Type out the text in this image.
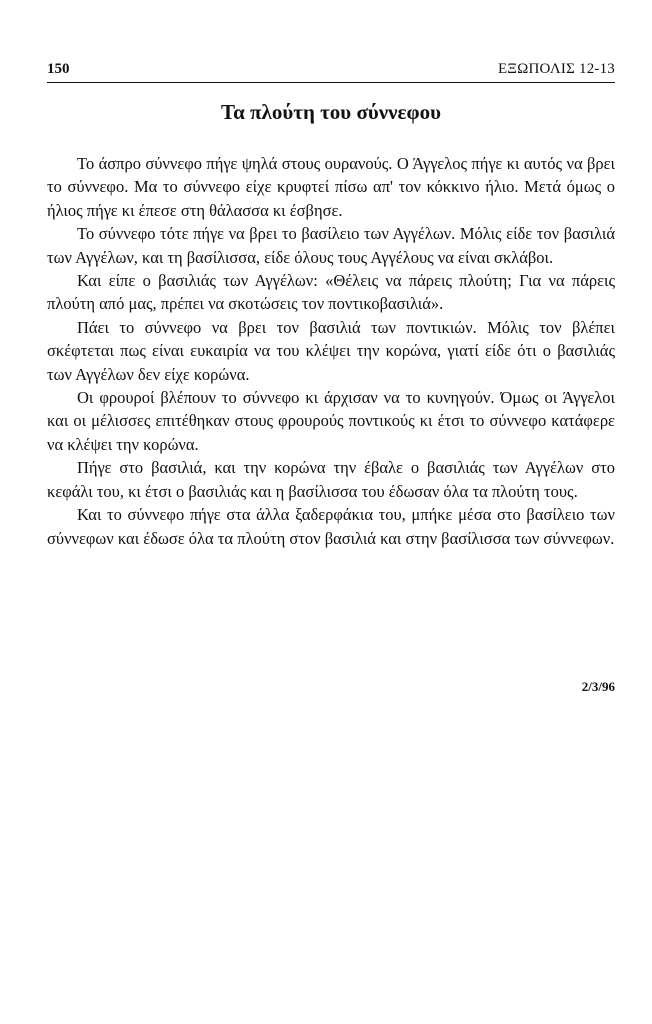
150	ΕΞΩΠΟΛΙΣ 12-13
Τα πλούτη του σύννεφου

Το άσπρο σύννεφο πήγε ψηλά στους ουρανούς. Ο Άγγελος πήγε κι αυτός να βρει το σύννεφο. Μα το σύννεφο είχε κρυφτεί πίσω απ' τον κόκκινο ήλιο. Μετά όμως ο ήλιος πήγε κι έπεσε στη θάλασσα κι έσβησε.

Το σύννεφο τότε πήγε να βρει το βασίλειο των Αγγέλων. Μόλις είδε τον βασιλιά των Αγγέλων, και τη βασίλισσα, είδε όλους τους Αγγέλους να είναι σκλάβοι.

Και είπε ο βασιλιάς των Αγγέλων: «Θέλεις να πάρεις πλούτη; Για να πάρεις πλούτη από μας, πρέπει να σκοτώσεις τον ποντικοβασιλιά».

Πάει το σύννεφο να βρει τον βασιλιά των ποντικιών. Μόλις τον βλέπει σκέφτεται πως είναι ευκαιρία να του κλέψει την κορώνα, γιατί είδε ότι ο βασιλιάς των Αγγέλων δεν είχε κορώνα.

Οι φρουροί βλέπουν το σύννεφο κι άρχισαν να το κυνηγούν. Όμως οι Άγγελοι και οι μέλισσες επιτέθηκαν στους φρουρούς ποντικούς κι έτσι το σύννεφο κατάφερε να κλέψει την κορώνα.

Πήγε στο βασιλιά, και την κορώνα την έβαλε ο βασιλιάς των Αγγέλων στο κεφάλι του, κι έτσι ο βασιλιάς και η βασίλισσα του έδωσαν όλα τα πλούτη τους.

Και το σύννεφο πήγε στα άλλα ξαδερφάκια του, μπήκε μέσα στο βασίλειο των σύννεφων και έδωσε όλα τα πλούτη στον βασιλιά και στην βασίλισσα των σύννεφων.

2/3/96
